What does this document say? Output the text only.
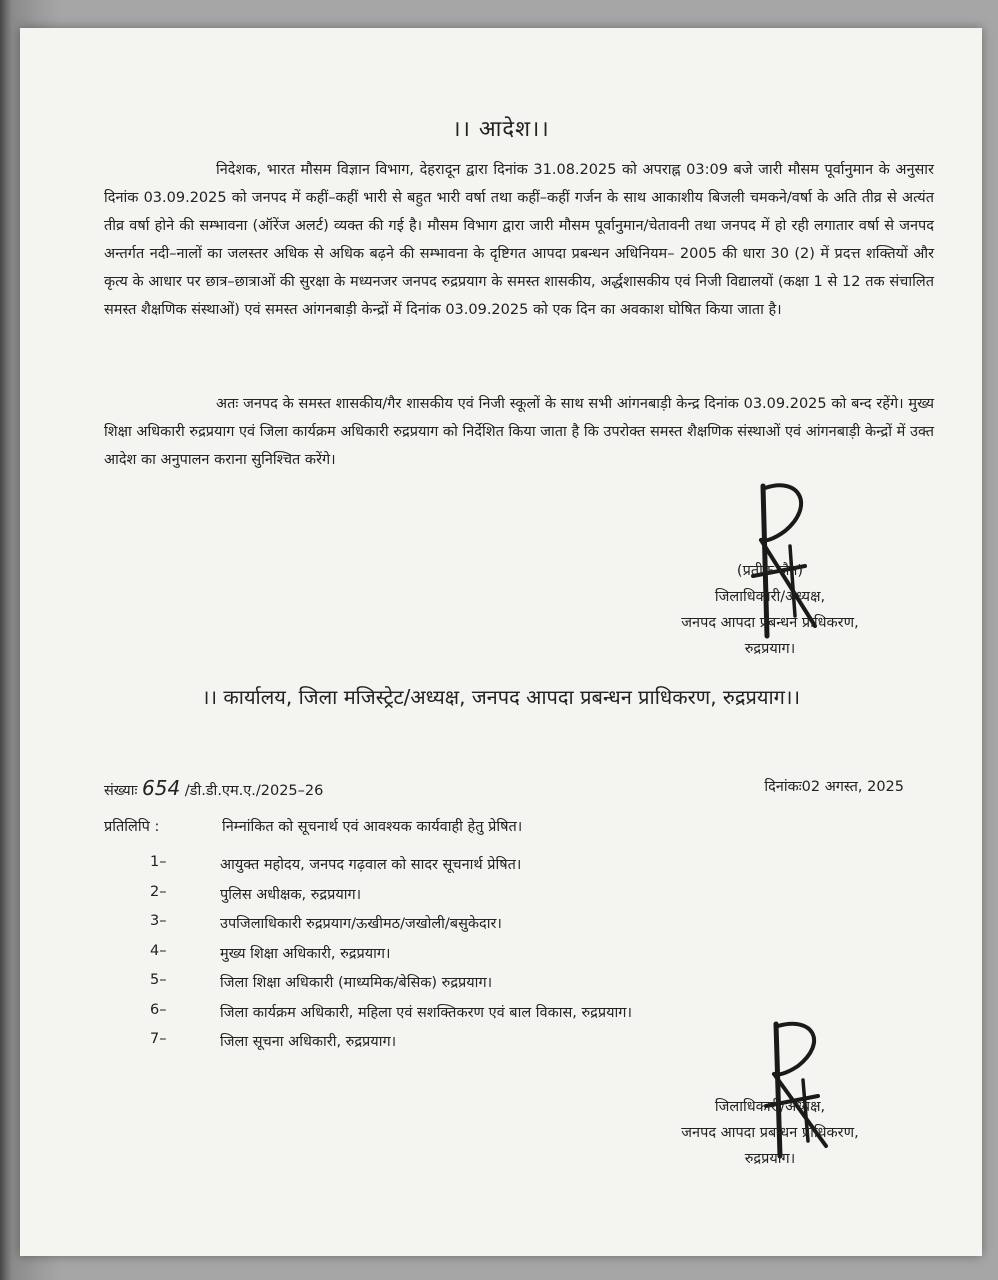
।। आदेश।।
निदेशक, भारत मौसम विज्ञान विभाग, देहरादून द्वारा दिनांक 31.08.2025 को अपराह्न 03:09 बजे जारी मौसम पूर्वानुमान के अनुसार दिनांक 03.09.2025 को जनपद में कहीं–कहीं भारी से बहुत भारी वर्षा तथा कहीं–कहीं गर्जन के साथ आकाशीय बिजली चमकने/वर्षा के अति तीव्र से अत्यंत तीव्र वर्षा होने की सम्भावना (ऑरेंज अलर्ट) व्यक्त की गई है। मौसम विभाग द्वारा जारी मौसम पूर्वानुमान/चेतावनी तथा जनपद में हो रही लगातार वर्षा से जनपद अन्तर्गत नदी–नालों का जलस्तर अधिक से अधिक बढ़ने की सम्भावना के दृष्टिगत आपदा प्रबन्धन अधिनियम– 2005 की धारा 30 (2) में प्रदत्त शक्तियों और कृत्य के आधार पर छात्र–छात्राओं की सुरक्षा के मध्यनजर जनपद रुद्रप्रयाग के समस्त शासकीय, अर्द्धशासकीय एवं निजी विद्यालयों (कक्षा 1 से 12 तक संचालित समस्त शैक्षणिक संस्थाओं) एवं समस्त आंगनबाड़ी केन्द्रों में दिनांक 03.09.2025 को एक दिन का अवकाश घोषित किया जाता है।
अतः जनपद के समस्त शासकीय/गैर शासकीय एवं निजी स्कूलों के साथ सभी आंगनबाड़ी केन्द्र दिनांक 03.09.2025 को बन्द रहेंगे। मुख्य शिक्षा अधिकारी रुद्रप्रयाग एवं जिला कार्यक्रम अधिकारी रुद्रप्रयाग को निर्देशित किया जाता है कि उपरोक्त समस्त शैक्षणिक संस्थाओं एवं आंगनबाड़ी केन्द्रों में उक्त आदेश का अनुपालन कराना सुनिश्चित करेंगे।
(प्रतीक जैन)
जिलाधिकारी/अध्यक्ष,
जनपद आपदा प्रबन्धन प्राधिकरण,
रुद्रप्रयाग।
।। कार्यालय, जिला मजिस्ट्रेट/अध्यक्ष, जनपद आपदा प्रबन्धन प्राधिकरण, रुद्रप्रयाग।।
संख्याः 654 /डी.डी.एम.ए./2025–26	दिनांकः02 अगस्त, 2025
प्रतिलिपि :	निम्नांकित को सूचनार्थ एवं आवश्यक कार्यवाही हेतु प्रेषित।
1–	आयुक्त महोदय, जनपद गढ़वाल को सादर सूचनार्थ प्रेषित।
2–	पुलिस अधीक्षक, रुद्रप्रयाग।
3–	उपजिलाधिकारी रुद्रप्रयाग/ऊखीमठ/जखोली/बसुकेदार।
4–	मुख्य शिक्षा अधिकारी, रुद्रप्रयाग।
5–	जिला शिक्षा अधिकारी (माध्यमिक/बेसिक) रुद्रप्रयाग।
6–	जिला कार्यक्रम अधिकारी, महिला एवं सशक्तिकरण एवं बाल विकास, रुद्रप्रयाग।
7–	जिला सूचना अधिकारी, रुद्रप्रयाग।
जिलाधिकारी/अध्यक्ष,
जनपद आपदा प्रबन्धन प्राधिकरण,
रुद्रप्रयाग।
